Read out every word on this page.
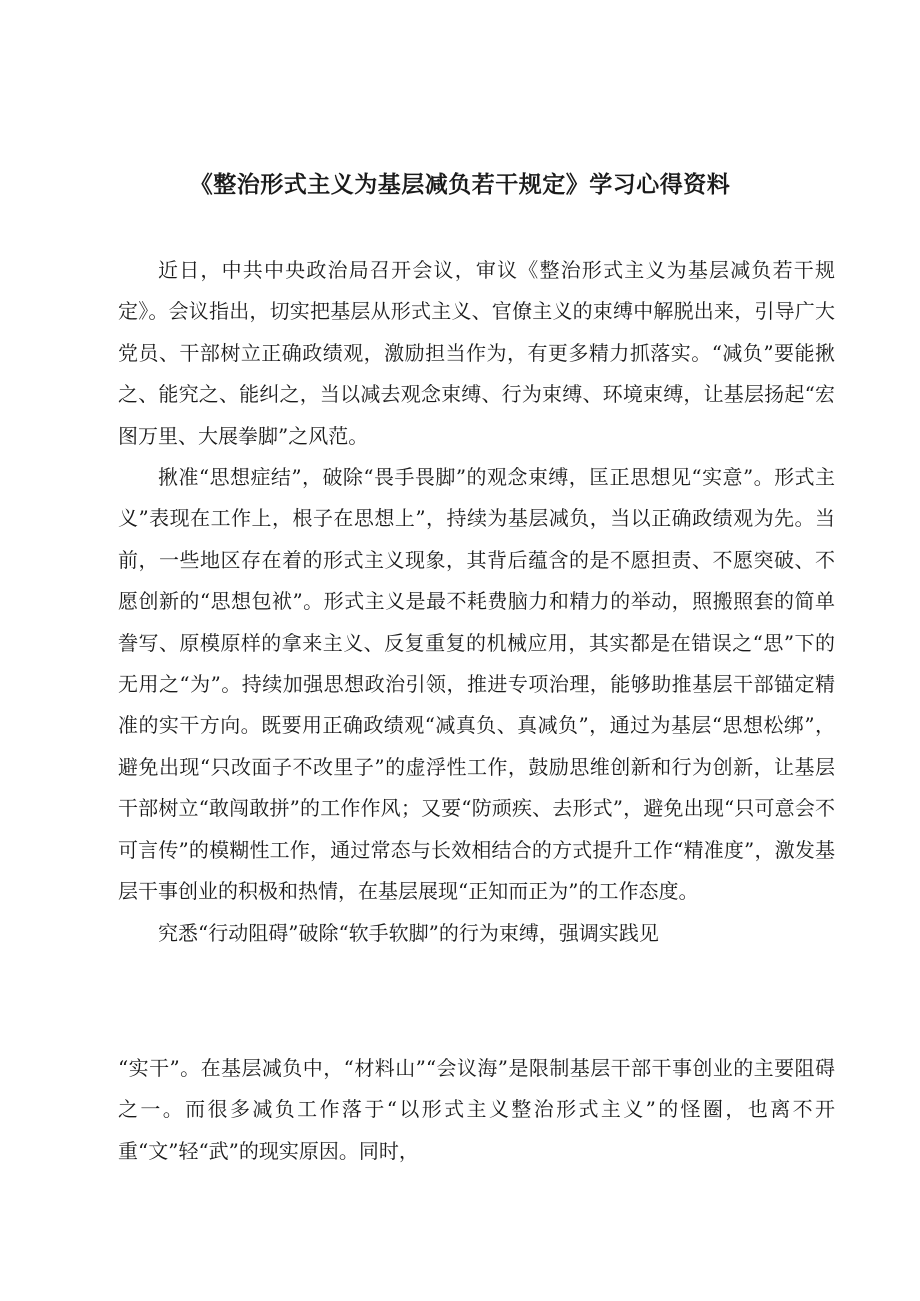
《整治形式主义为基层减负若干规定》学习心得资料

近日，中共中央政治局召开会议，审议《整治形式主义为基层减负若干规定》。会议指出，切实把基层从形式主义、官僚主义的束缚中解脱出来，引导广大党员、干部树立正确政绩观，激励担当作为，有更多精力抓落实。“减负”要能揪之、能究之、能纠之，当以减去观念束缚、行为束缚、环境束缚，让基层扬起“宏图万里、大展拳脚”之风范。

揪准“思想症结”，破除“畏手畏脚”的观念束缚，匡正思想见“实意”。形式主义”表现在工作上，根子在思想上”，持续为基层减负，当以正确政绩观为先。当前，一些地区存在着的形式主义现象，其背后蕴含的是不愿担责、不愿突破、不愿创新的“思想包袱”。形式主义是最不耗费脑力和精力的举动，照搬照套的简单誊写、原模原样的拿来主义、反复重复的机械应用，其实都是在错误之“思”下的无用之“为”。持续加强思想政治引领，推进专项治理，能够助推基层干部锚定精准的实干方向。既要用正确政绩观“减真负、真减负”，通过为基层“思想松绑”，避免出现“只改面子不改里子”的虚浮性工作，鼓励思维创新和行为创新，让基层干部树立“敢闯敢拼”的工作作风；又要“防顽疾、去形式”，避免出现“只可意会不可言传”的模糊性工作，通过常态与长效相结合的方式提升工作“精准度”，激发基层干事创业的积极和热情，在基层展现“正知而正为”的工作态度。

究悉“行动阻碍”破除“软手软脚”的行为束缚，强调实践见

“实干”。在基层减负中，“材料山”“会议海”是限制基层干部干事创业的主要阻碍之一。而很多减负工作落于“以形式主义整治形式主义”的怪圈，也离不开重“文”轻“武”的现实原因。同时，
